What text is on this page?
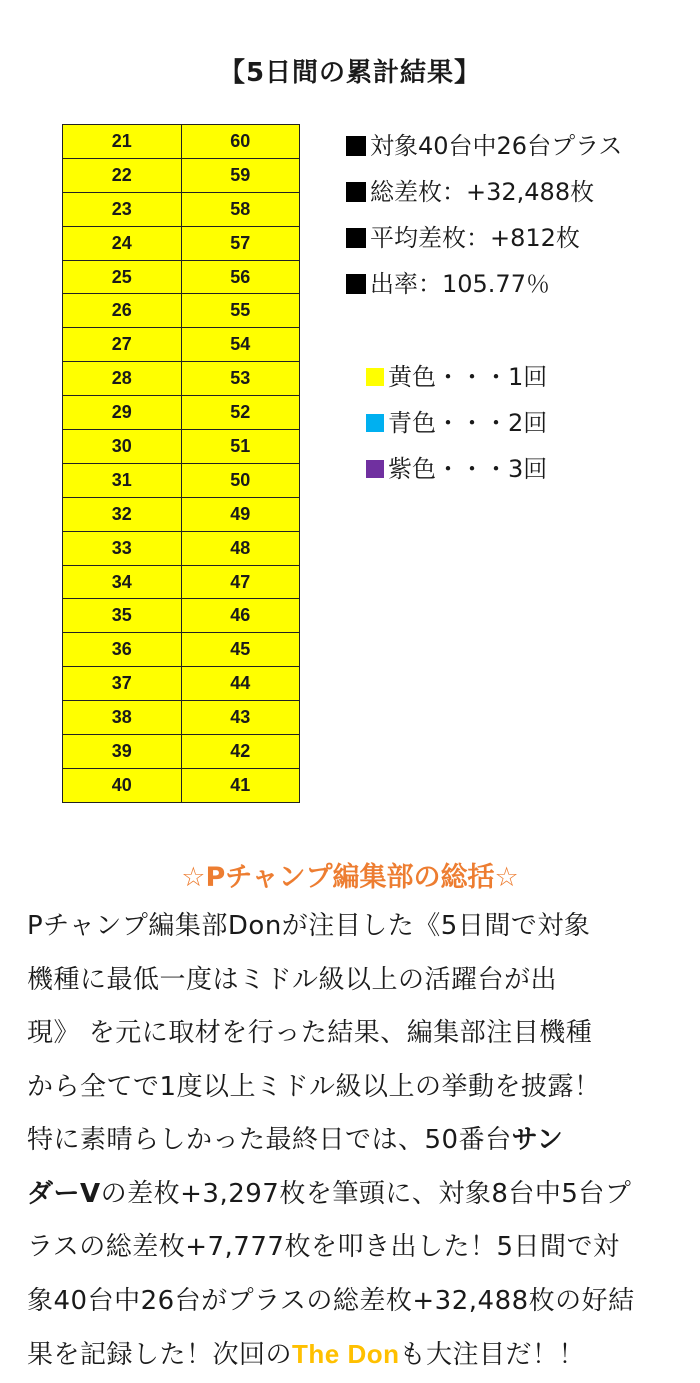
【5日間の累計結果】
21	60
22	59
23	58
24	57
25	56
26	55
27	54
28	53
29	52
30	51
31	50
32	49
33	48
34	47
35	46
36	45
37	44
38	43
39	42
40	41
対象40台中26台プラス
総差枚：+32,488枚
平均差枚：+812枚
出率：105.77％
黄色・・・1回
青色・・・2回
紫色・・・3回
☆Pチャンプ編集部の総括☆
Pチャンプ編集部Donが注目した《5日間で対象
機種に最低一度はミドル級以上の活躍台が出
現》 を元に取材を行った結果、編集部注目機種
から全てで1度以上ミドル級以上の挙動を披露！
特に素晴らしかった最終日では、50番台サン
ダーVの差枚+3,297枚を筆頭に、対象8台中5台プ
ラスの総差枚+7,777枚を叩き出した！5日間で対
象40台中26台がプラスの総差枚+32,488枚の好結
果を記録した！次回のThe Donも大注目だ！！
